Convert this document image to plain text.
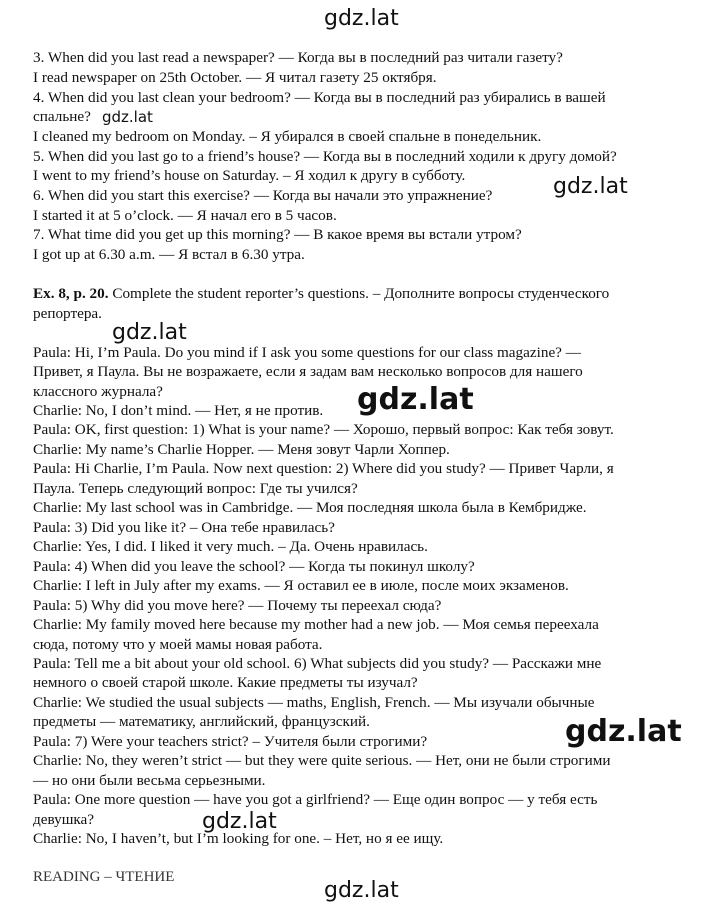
3. When did you last read a newspaper? — Когда вы в последний раз читали газету?
I read newspaper on 25th October. — Я читал газету 25 октября.
4. When did you last clean your bedroom? — Когда вы в последний раз убирались в вашей
спальне?
I cleaned my bedroom on Monday. – Я убирался в своей спальне в понедельник.
5. When did you last go to a friend’s house? — Когда вы в последний ходили к другу домой?
I went to my friend’s house on Saturday. – Я ходил к другу в субботу.
6. When did you start this exercise? — Когда вы начали это упражнение?
I started it at 5 o’clock. — Я начал его в 5 часов.
7. What time did you get up this morning? — В какое время вы встали утром?
I got up at 6.30 a.m. — Я встал в 6.30 утра.
Ex. 8, p. 20. Complete the student reporter’s questions. – Дополните вопросы студенческого
репортера.
Paula: Hi, I’m Paula. Do you mind if I ask you some questions for our class magazine? —
Привет, я Паула. Вы не возражаете, если я задам вам несколько вопросов для нашего
классного журнала?
Charlie: No, I don’t mind. — Нет, я не против.
Paula: OK, first question: 1) What is your name? — Хорошо, первый вопрос: Как тебя зовут.
Charlie: My name’s Charlie Hopper. — Меня зовут Чарли Хоппер.
Paula: Hi Charlie, I’m Paula. Now next question: 2) Where did you study? — Привет Чарли, я
Паула. Теперь следующий вопрос: Где ты учился?
Charlie: My last school was in Cambridge. — Моя последняя школа была в Кембридже.
Paula: 3) Did you like it? – Она тебе нравилась?
Charlie: Yes, I did. I liked it very much. – Да. Очень нравилась.
Paula: 4) When did you leave the school? — Когда ты покинул школу?
Charlie: I left in July after my exams. — Я оставил ее в июле, после моих экзаменов.
Paula: 5) Why did you move here? — Почему ты переехал сюда?
Charlie: My family moved here because my mother had a new job. — Моя семья переехала
сюда, потому что у моей мамы новая работа.
Paula: Tell me a bit about your old school. 6) What subjects did you study? — Расскажи мне
немного о своей старой школе. Какие предметы ты изучал?
Charlie: We studied the usual subjects — maths, English, French. — Мы изучали обычные
предметы — математику, английский, французский.
Paula: 7) Were your teachers strict? – Учителя были строгими?
Charlie: No, they weren’t strict — but they were quite serious. — Нет, они не были строгими
— но они были весьма серьезными.
Paula: One more question — have you got a girlfriend? — Еще один вопрос — у тебя есть
девушка?
Charlie: No, I haven’t, but I’m looking for one. – Нет, но я ее ищу.
READING – ЧТЕНИЕ
gdz.lat
gdz.lat
gdz.lat
gdz.lat
gdz.lat
gdz.lat
gdz.lat
gdz.lat
